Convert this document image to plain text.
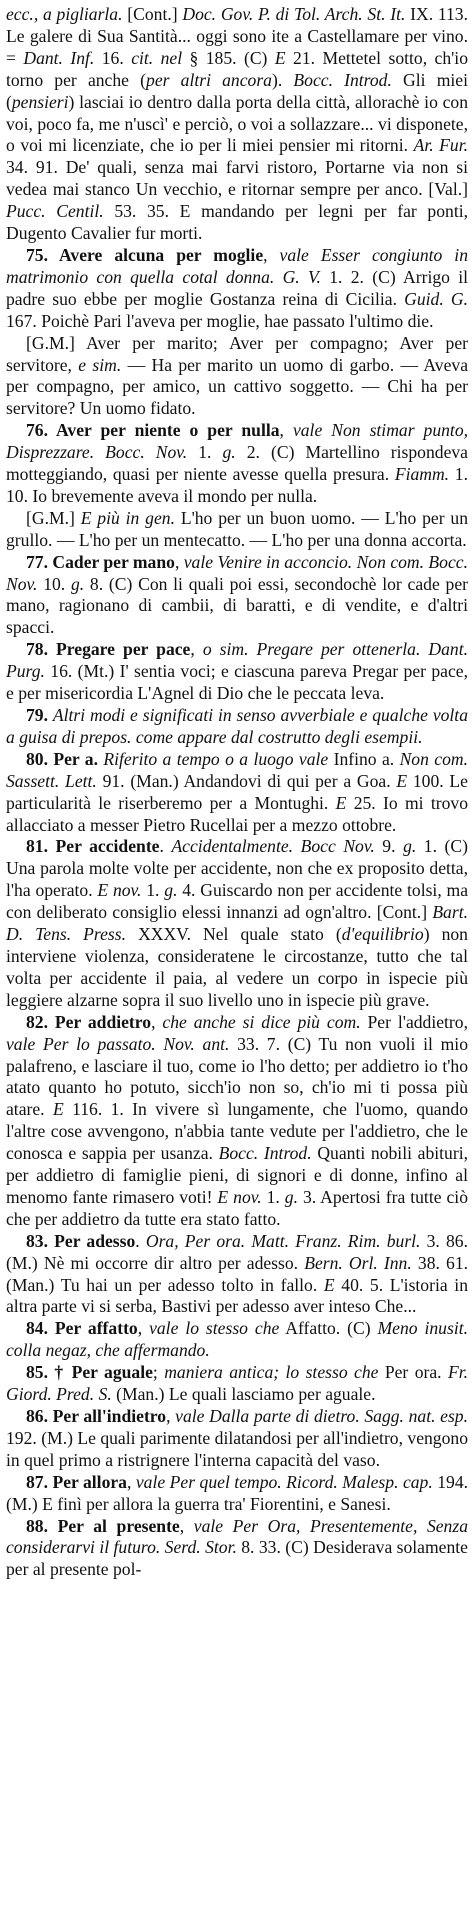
ecc., a pigliarla. [Cont.] Doc. Gov. P. di Tol. Arch. St. It. IX. 113. Le galere di Sua Santità... oggi sono ite a Castellamare per vino. = Dant. Inf. 16. cit. nel § 185. (C) E 21. Mettetel sotto, ch'io torno per anche (per altri ancora). Bocc. Introd. Gli miei (pensieri) lasciai io dentro dalla porta della città, allorachè io con voi, poco fa, me n'uscì' e perciò, o voi a sollazzare... vi disponete, o voi mi licenziate, che io per li miei pensier mi ritorni. Ar. Fur. 34. 91. De' quali, senza mai farvi ristoro, Portarne via non si vedea mai stanco Un vecchio, e ritornar sempre per anco. [Val.] Pucc. Centil. 53. 35. E mandando per legni per far ponti, Dugento Cavalier fur morti.

75. Avere alcuna per moglie, vale Esser congiunto in matrimonio con quella cotal donna. G. V. 1. 2. (C) Arrigo il padre suo ebbe per moglie Gostanza reina di Cicilia. Guid. G. 167. Poichè Pari l'aveva per moglie, hae passato l'ultimo die.

[G.M.] Aver per marito; Aver per compagno; Aver per servitore, e sim. — Ha per marito un uomo di garbo. — Aveva per compagno, per amico, un cattivo soggetto. — Chi ha per servitore? Un uomo fidato.

76. Aver per niente o per nulla, vale Non stimar punto, Disprezzare. Bocc. Nov. 1. g. 2. (C) Martellino rispondeva motteggiando, quasi per niente avesse quella presura. Fiamm. 1. 10. Io brevemente aveva il mondo per nulla.

[G.M.] E più in gen. L'ho per un buon uomo. — L'ho per un grullo. — L'ho per un mentecatto. — L'ho per una donna accorta.

77. Cader per mano, vale Venire in acconcio. Non com. Bocc. Nov. 10. g. 8. (C) Con li quali poi essi, secondochè lor cade per mano, ragionano di cambii, di baratti, e di vendite, e d'altri spacci.

78. Pregare per pace, o sim. Pregare per ottenerla. Dant. Purg. 16. (Mt.) I' sentia voci; e ciascuna pareva Pregar per pace, e per misericordia L'Agnel di Dio che le peccata leva.

79. Altri modi e significati in senso avverbiale e qualche volta a guisa di prepos. come appare dal costrutto degli esempii.

80. Per a. Riferito a tempo o a luogo vale Infino a. Non com. Sassett. Lett. 91. (Man.) Andandovi di qui per a Goa. E 100. Le particularità le riserberemo per a Montughi. E 25. Io mi trovo allacciato a messer Pietro Rucellai per a mezzo ottobre.

81. Per accidente. Accidentalmente. Bocc Nov. 9. g. 1. (C) Una parola molte volte per accidente, non che ex proposito detta, l'ha operato. E nov. 1. g. 4. Guiscardo non per accidente tolsi, ma con deliberato consiglio elessi innanzi ad ogn'altro. [Cont.] Bart. D. Tens. Press. XXXV. Nel quale stato (d'equilibrio) non interviene violenza, consideratene le circostanze, tutto che tal volta per accidente il paia, al vedere un corpo in ispecie più leggiere alzarne sopra il suo livello uno in ispecie più grave.

82. Per addietro, che anche si dice più com. Per l'addietro, vale Per lo passato. Nov. ant. 33. 7. (C) Tu non vuoli il mio palafreno, e lasciare il tuo, come io l'ho detto; per addietro io t'ho atato quanto ho potuto, sicch'io non so, ch'io mi ti possa più atare. E 116. 1. In vivere sì lungamente, che l'uomo, quando l'altre cose avvengono, n'abbia tante vedute per l'addietro, che le conosca e sappia per usanza. Bocc. Introd. Quanti nobili abituri, per addietro di famiglie pieni, di signori e di donne, infino al menomo fante rimasero voti! E nov. 1. g. 3. Apertosi fra tutte ciò che per addietro da tutte era stato fatto.

83. Per adesso. Ora, Per ora. Matt. Franz. Rim. burl. 3. 86. (M.) Nè mi occorre dir altro per adesso. Bern. Orl. Inn. 38. 61. (Man.) Tu hai un per adesso tolto in fallo. E 40. 5. L'istoria in altra parte vi si serba, Bastivi per adesso aver inteso Che...

84. Per affatto, vale lo stesso che Affatto. (C) Meno inusit. colla negaz, che affermando.

85. † Per aguale; maniera antica; lo stesso che Per ora. Fr. Giord. Pred. S. (Man.) Le quali lasciamo per aguale.

86. Per all'indietro, vale Dalla parte di dietro. Sagg. nat. esp. 192. (M.) Le quali parimente dilatandosi per all'indietro, vengono in quel primo a ristrignere l'interna capacità del vaso.

87. Per allora, vale Per quel tempo. Ricord. Malesp. cap. 194. (M.) E finì per allora la guerra tra' Fiorentini, e Sanesi.

88. Per al presente, vale Per Ora, Presentemente, Senza considerarvi il futuro. Serd. Stor. 8. 33. (C) Desiderava solamente per al presente pol-
